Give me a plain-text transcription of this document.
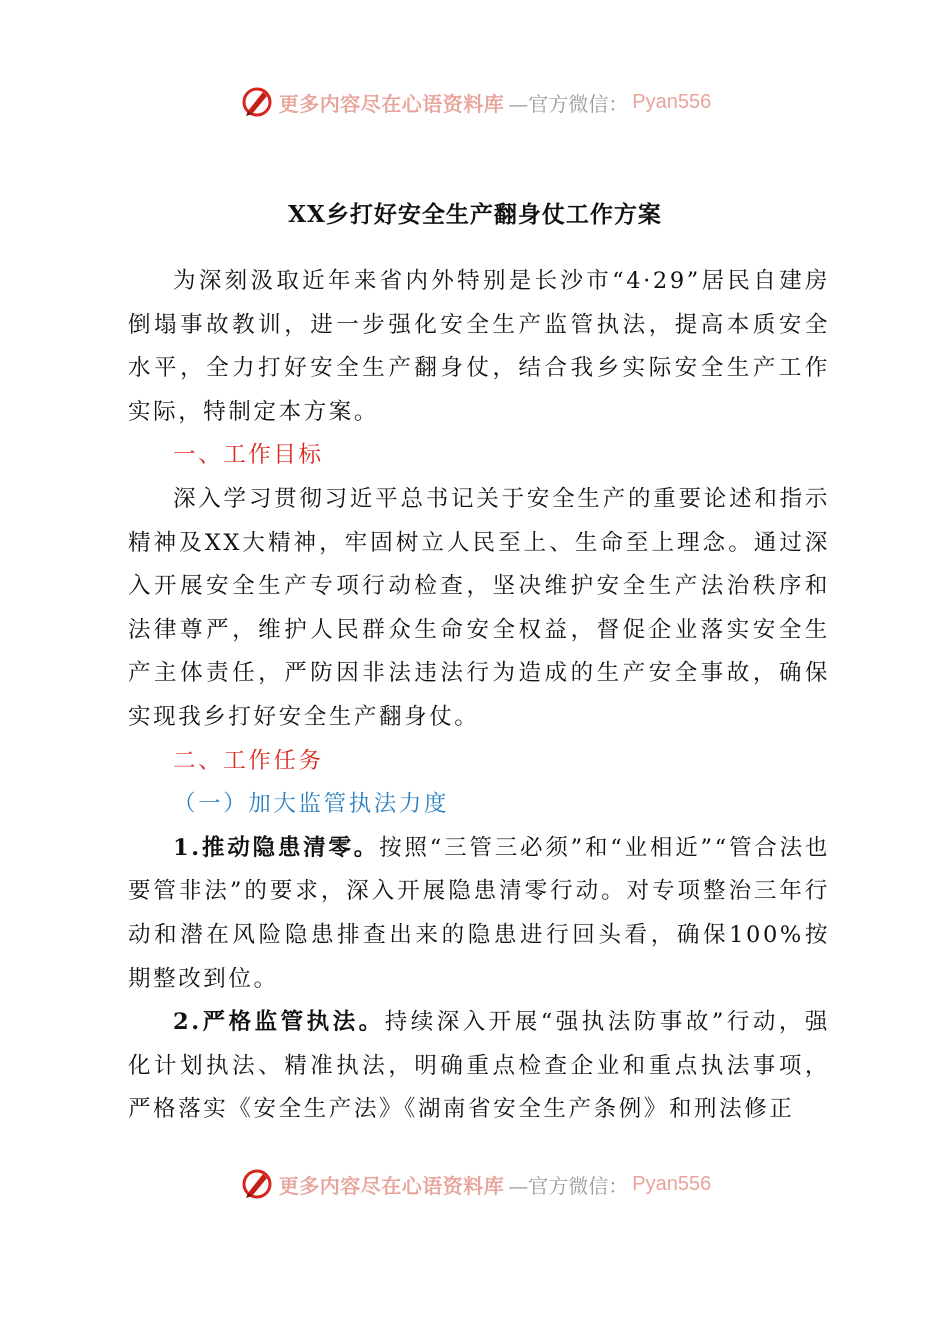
更多内容尽在心语资料库 —官方微信： Pyan556
XX乡打好安全生产翻身仗工作方案

为深刻汲取近年来省内外特别是长沙市“4·29”居民自建房倒塌事故教训，进一步强化安全生产监管执法，提高本质安全水平，全力打好安全生产翻身仗，结合我乡实际安全生产工作实际，特制定本方案。

一、工作目标

深入学习贯彻习近平总书记关于安全生产的重要论述和指示精神及XX大精神，牢固树立人民至上、生命至上理念。通过深入开展安全生产专项行动检查，坚决维护安全生产法治秩序和法律尊严，维护人民群众生命安全权益，督促企业落实安全生产主体责任，严防因非法违法行为造成的生产安全事故，确保实现我乡打好安全生产翻身仗。

二、工作任务

（一）加大监管执法力度

1.推动隐患清零。按照“三管三必须”和“业相近”“管合法也要管非法”的要求，深入开展隐患清零行动。对专项整治三年行动和潜在风险隐患排查出来的隐患进行回头看，确保100%按期整改到位。

2.严格监管执法。持续深入开展“强执法防事故”行动，强化计划执法、精准执法，明确重点检查企业和重点执法事项，严格落实《安全生产法》《湖南省安全生产条例》和刑法修正

更多内容尽在心语资料库 —官方微信： Pyan556
